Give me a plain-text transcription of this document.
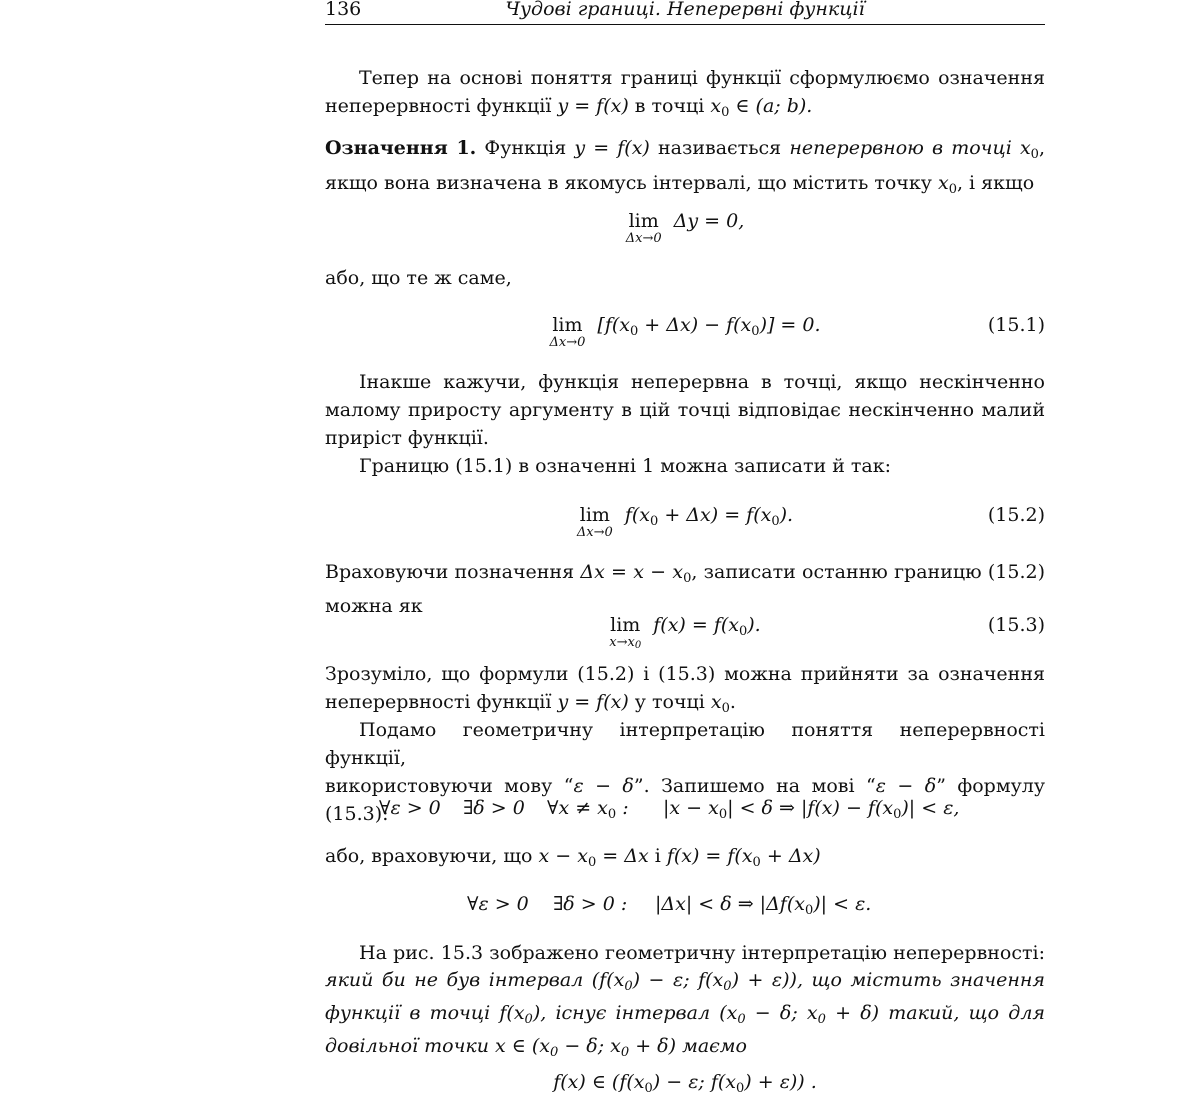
136	Чудові границі. Неперервні функції

Тепер на основі поняття границі функції сформулюємо означення

неперервності функції y = f(x) в точці $x_0$ ∈ (a; b).

Означення 1. Функція y = f(x) називається неперервною в точці $x_0$,

якщо вона визначена в якомусь інтервалі, що містить точку $x_0$, і якщо

lim
Δx→0
Δy = 0,

або, що те ж саме,

lim
Δx→0
$[f(x_0 + \Delta x) - f(x_0)] = 0$.	(15.1)

Інакше кажучи, функція неперервна в точці, якщо нескінченно малому приросту аргументу в цій точці відповідає нескінченно малий приріст функції.

Границю (15.1) в означенні 1 можна записати й так:

lim
Δx→0
$f(x_0 + \Delta x) = f(x_0)$.	(15.2)

Враховуючи позначення $\Delta x = x - x_0$, записати останню границю (15.2)

можна як

lim
x→x0
$f(x) = f(x_0)$.	(15.3)

Зрозуміло, що формули (15.2) і (15.3) можна прийняти за означення

неперервності функції y = f(x) у точці $x_0$.

Подамо геометричну інтерпретацію поняття неперервності функції,

використовуючи мову “ε − δ”. Запишемо на мові “ε − δ” формулу (15.3):

∀ε > 0 ∃δ > 0 ∀x ≠ $x_0$ : $|x - x_0| < \delta$ ⇒ $|f(x) - f(x_0)| < \varepsilon$,

або, враховуючи, що $x - x_0 = \Delta x$ і $f(x) = f(x_0 + \Delta x)$

∀ε > 0 ∃δ > 0 : |Δx| < δ ⇒ $|\Delta f(x_0)| < \varepsilon$.

На рис. 15.3 зображено геометричну інтерпретацію неперервності:

який би не був інтервал ($f(x_0) - \varepsilon$; $f(x_0) + \varepsilon$)), що містить значення

функції в точці $f(x_0)$, існує інтервал ($x_0 - \delta$; $x_0 + \delta$) такий, що для

довільної точки x ∈ ($x_0 - \delta$; $x_0 + \delta$) маємо

f(x) ∈ ($f(x_0) - \varepsilon$; $f(x_0) + \varepsilon$)) .
